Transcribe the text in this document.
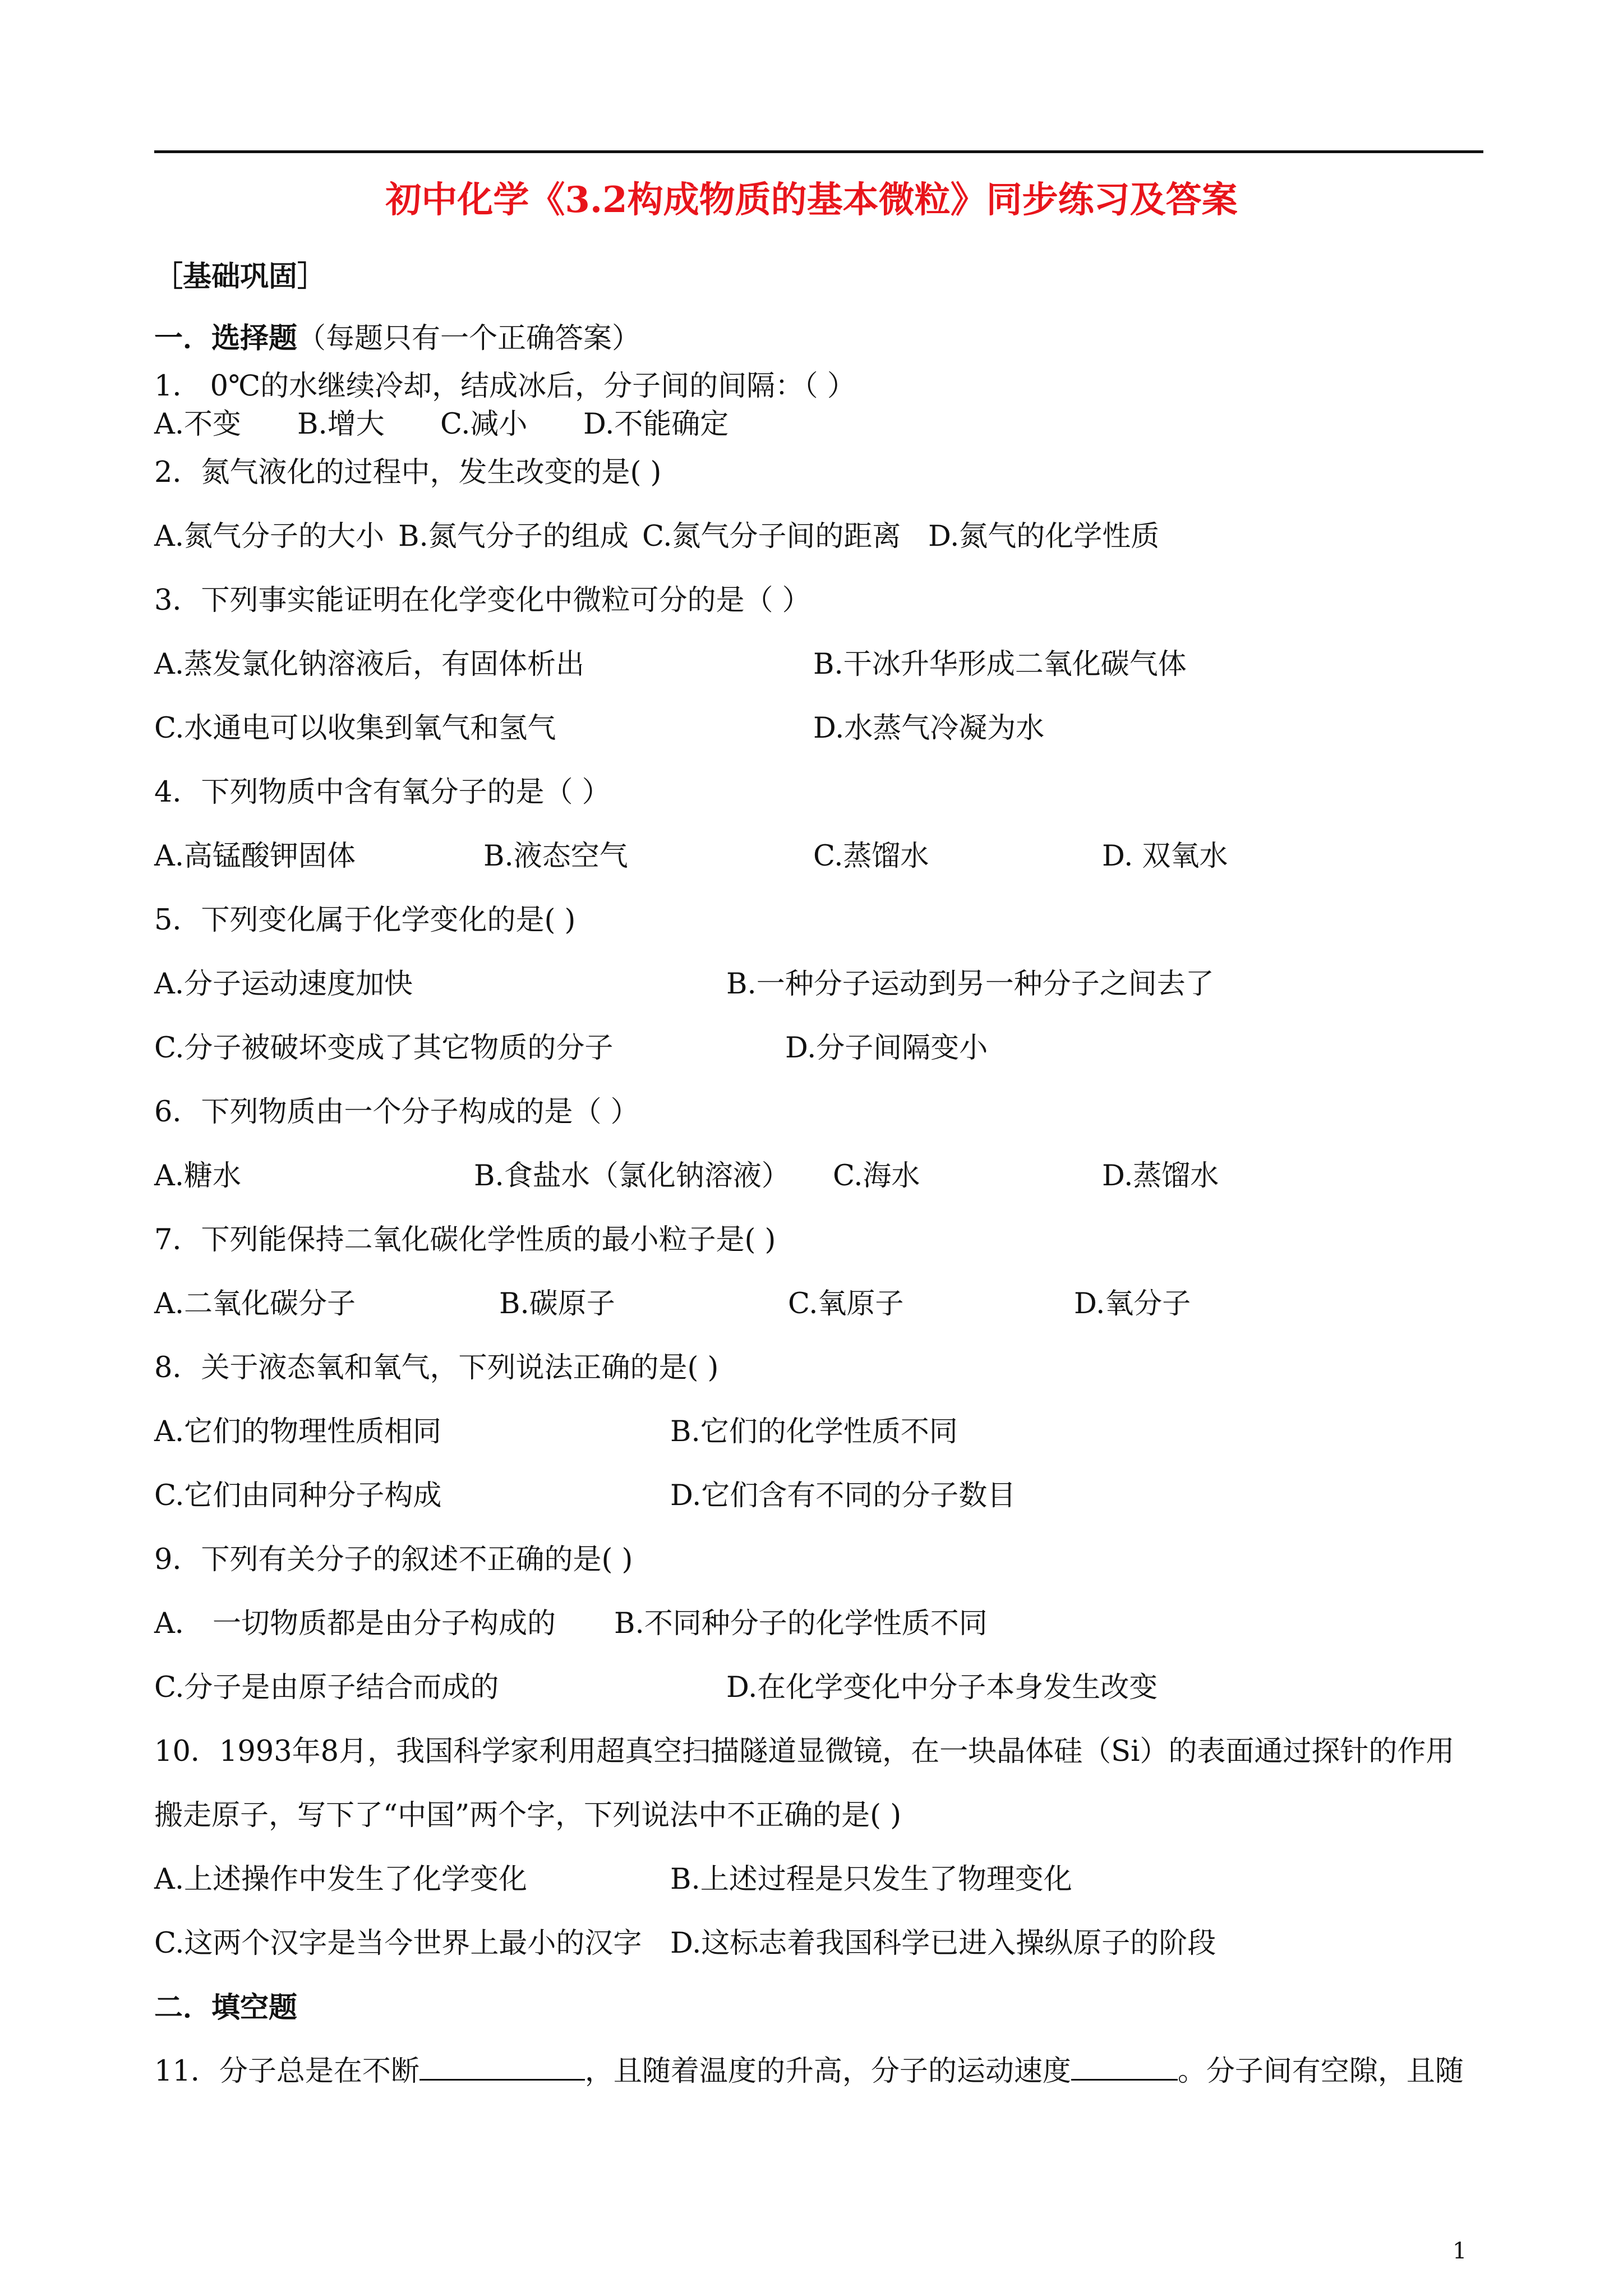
初中化学《3.2构成物质的基本微粒》同步练习及答案
［基础巩固］
一．选择题（每题只有一个正确答案）
1． 0℃的水继续冷却，结成冰后，分子间的间隔：（ ）
A.不变 B.增大 C.减小 D.不能确定
2．氮气液化的过程中，发生改变的是( )
A.氮气分子的大小 B.氮气分子的组成 C.氮气分子间的距离 D.氮气的化学性质
3．下列事实能证明在化学变化中微粒可分的是（ ）
A.蒸发氯化钠溶液后，有固体析出	B.干冰升华形成二氧化碳气体
C.水通电可以收集到氧气和氢气	D.水蒸气冷凝为水
4．下列物质中含有氧分子的是（ ）
A.高锰酸钾固体	B.液态空气	C.蒸馏水	D. 双氧水
5．下列变化属于化学变化的是( )
A.分子运动速度加快	B.一种分子运动到另一种分子之间去了
C.分子被破坏变成了其它物质的分子	D.分子间隔变小
6．下列物质由一个分子构成的是（ ）
A.糖水	B.食盐水（氯化钠溶液） C.海水	D.蒸馏水
7．下列能保持二氧化碳化学性质的最小粒子是( )
A.二氧化碳分子	B.碳原子	C.氧原子	D.氧分子
8．关于液态氧和氧气，下列说法正确的是( )
A.它们的物理性质相同	B.它们的化学性质不同
C.它们由同种分子构成	D.它们含有不同的分子数目
9．下列有关分子的叙述不正确的是( )
A． 一切物质都是由分子构成的 B.不同种分子的化学性质不同
C.分子是由原子结合而成的	D.在化学变化中分子本身发生改变
10．1993年8月，我国科学家利用超真空扫描隧道显微镜，在一块晶体硅（Si）的表面通过探针的作用
搬走原子，写下了“中国”两个字，下列说法中不正确的是( )
A.上述操作中发生了化学变化	B.上述过程是只发生了物理变化
C.这两个汉字是当今世界上最小的汉字 D.这标志着我国科学已进入操纵原子的阶段
二．填空题
11．分子总是在不断	，且随着温度的升高，分子的运动速度	。分子间有空隙，且随
1
